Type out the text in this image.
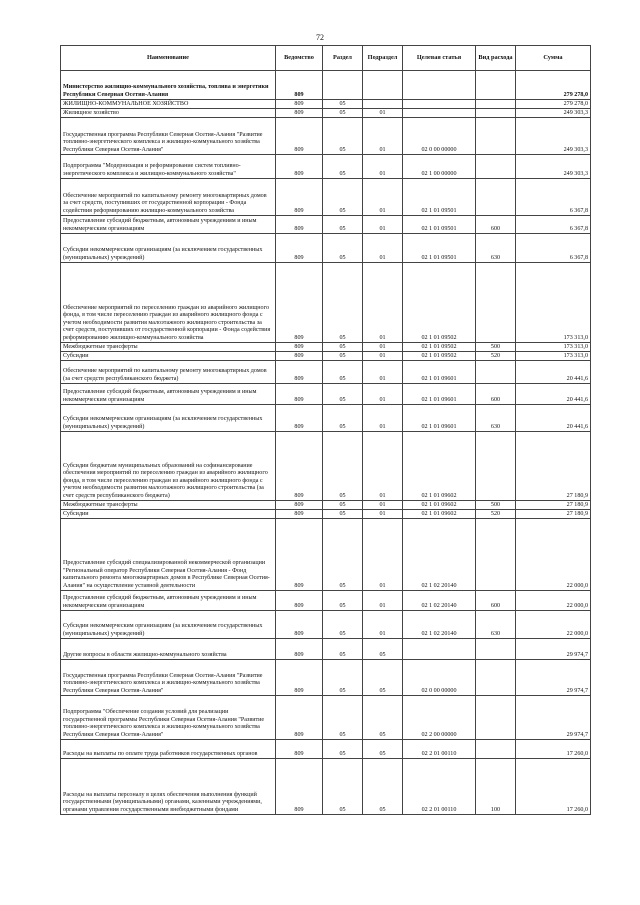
72
Наименование	Ведомство	Раздел	Подраздел	Целевая статья	Вид расхода	Сумма
Министерство жилищно-коммунального хозяйства, топлива и энергетики Республики Северная Осетия-Алания	809					279 278,0
ЖИЛИЩНО-КОММУНАЛЬНОЕ ХОЗЯЙСТВО	809	05				279 278,0
Жилищное хозяйство	809	05	01			249 303,3
Государственная программа Республики Северная Осетия-Алания "Развитие топливно-энергетического комплекса и жилищно-коммунального хозяйства Республики Северная Осетия-Алания"	809	05	01	02 0 00 00000		249 303,3
Подпрограмма "Модернизация и реформирование систем топливно-энергетического комплекса и жилищно-коммунального хозяйства"	809	05	01	02 1 00 00000		249 303,3
Обеспечение мероприятий по капитальному ремонту многоквартирных домов за счет средств, поступивших от государственной корпорации - Фонда содействия реформированию жилищно-коммунального хозяйства	809	05	01	02 1 01 09501		6 367,8
Предоставление субсидий бюджетным, автономным учреждениям и иным некоммерческим организациям	809	05	01	02 1 01 09501	600	6 367,8
Субсидии некоммерческим организациям (за исключением государственных (муниципальных) учреждений)	809	05	01	02 1 01 09501	630	6 367,8
Обеспечение мероприятий по переселению граждан из аварийного жилищного фонда, в том числе переселению граждан из аварийного жилищного фонда с учетом необходимости развития малоэтажного жилищного строительства за счет средств, поступивших от государственной корпорации - Фонда содействия реформированию жилищно-коммунального хозяйства	809	05	01	02 1 01 09502		173 313,0
Межбюджетные трансферты	809	05	01	02 1 01 09502	500	173 313,0
Субсидии	809	05	01	02 1 01 09502	520	173 313,0
Обеспечение мероприятий по капитальному ремонту многоквартирных домов (за счет средств республиканского бюджета)	809	05	01	02 1 01 09601		20 441,6
Предоставление субсидий бюджетным, автономным учреждениям и иным некоммерческим организациям	809	05	01	02 1 01 09601	600	20 441,6
Субсидии некоммерческим организациям (за исключением государственных (муниципальных) учреждений)	809	05	01	02 1 01 09601	630	20 441,6
Субсидии бюджетам муниципальных образований на софинансирование обеспечения мероприятий по переселению граждан из аварийного жилищного фонда, в том числе переселению граждан из аварийного жилищного фонда с учетом необходимости развития малоэтажного жилищного строительства (за счет средств республиканского бюджета)	809	05	01	02 1 01 09602		27 180,9
Межбюджетные трансферты	809	05	01	02 1 01 09602	500	27 180,9
Субсидии	809	05	01	02 1 01 09602	520	27 180,9
Предоставление субсидий специализированной некоммерческой организации "Региональный оператор Республики Северная Осетия-Алания - Фонд капитального ремонта многоквартирных домов в Республике Северная Осетия-Алания" на осуществление уставной деятельности	809	05	01	02 1 02 20140		22 000,0
Предоставление субсидий бюджетным, автономным учреждениям и иным некоммерческим организациям	809	05	01	02 1 02 20140	600	22 000,0
Субсидии некоммерческим организациям (за исключением государственных (муниципальных) учреждений)	809	05	01	02 1 02 20140	630	22 000,0
Другие вопросы в области жилищно-коммунального хозяйства	809	05	05			29 974,7
Государственная программа Республики Северная Осетия-Алания "Развитие топливно-энергетического комплекса и жилищно-коммунального хозяйства Республики Северная Осетия-Алания"	809	05	05	02 0 00 00000		29 974,7
Подпрограмма "Обеспечение создания условий для реализации государственной программы Республики Северная Осетия-Алания "Развитие топливно-энергетического комплекса и жилищно-коммунального хозяйства Республики Северная Осетия-Алания"	809	05	05	02 2 00 00000		29 974,7
Расходы на выплаты по оплате труда работников государственных органов	809	05	05	02 2 01 00110		17 260,0
Расходы на выплаты персоналу в целях обеспечения выполнения функций государственными (муниципальными) органами, казенными учреждениями, органами управления государственными внебюджетными фондами	809	05	05	02 2 01 00110	100	17 260,0
